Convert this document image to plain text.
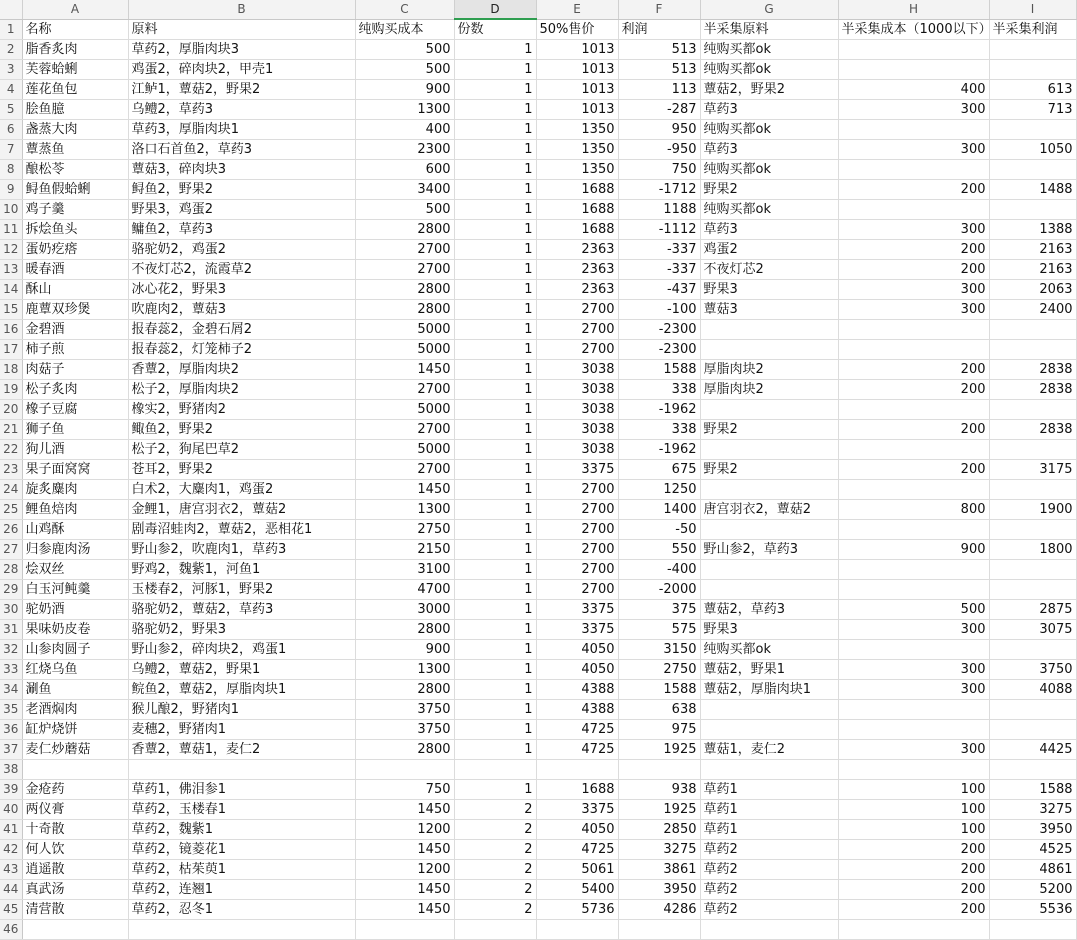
	A	B	C	D	E	F	G	H	I
1	名称	原料	纯购买成本	份数	50%售价	利润	半采集原料	半采集成本（1000以下）	半采集利润
2	脂香炙肉	草药2，厚脂肉块3	500	1	1013	513	纯购买都ok		
3	芙蓉蛤蜊	鸡蛋2，碎肉块2，甲壳1	500	1	1013	513	纯购买都ok		
4	莲花鱼包	江鲈1，蕈菇2，野果2	900	1	1013	113	蕈菇2，野果2	400	613
5	脍鱼臆	乌鳢2，草药3	1300	1	1013	-287	草药3	300	713
6	盏蒸大肉	草药3，厚脂肉块1	400	1	1350	950	纯购买都ok		
7	蕈蒸鱼	洛口石首鱼2，草药3	2300	1	1350	-950	草药3	300	1050
8	酿松苓	蕈菇3，碎肉块3	600	1	1350	750	纯购买都ok		
9	鲟鱼假蛤蜊	鲟鱼2，野果2	3400	1	1688	-1712	野果2	200	1488
10	鸡子羹	野果3，鸡蛋2	500	1	1688	1188	纯购买都ok		
11	拆烩鱼头	鳙鱼2，草药3	2800	1	1688	-1112	草药3	300	1388
12	蛋奶疙瘩	骆驼奶2，鸡蛋2	2700	1	2363	-337	鸡蛋2	200	2163
13	暖春酒	不夜灯芯2，流霞草2	2700	1	2363	-337	不夜灯芯2	200	2163
14	酥山	冰心花2，野果3	2800	1	2363	-437	野果3	300	2063
15	鹿蕈双珍煲	吹鹿肉2，蕈菇3	2800	1	2700	-100	蕈菇3	300	2400
16	金碧酒	报春蕊2，金碧石屑2	5000	1	2700	-2300			
17	柿子煎	报春蕊2，灯笼柿子2	5000	1	2700	-2300			
18	肉菇子	香蕈2，厚脂肉块2	1450	1	3038	1588	厚脂肉块2	200	2838
19	松子炙肉	松子2，厚脂肉块2	2700	1	3038	338	厚脂肉块2	200	2838
20	橡子豆腐	橡实2，野猪肉2	5000	1	3038	-1962			
21	狮子鱼	鲰鱼2，野果2	2700	1	3038	338	野果2	200	2838
22	狗儿酒	松子2，狗尾巴草2	5000	1	3038	-1962			
23	果子面窝窝	苍耳2，野果2	2700	1	3375	675	野果2	200	3175
24	旋炙麋肉	白术2，大麋肉1，鸡蛋2	1450	1	2700	1250			
25	鲤鱼焙肉	金鲤1，唐宫羽衣2，蕈菇2	1300	1	2700	1400	唐宫羽衣2，蕈菇2	800	1900
26	山鸡酥	剧毒沼蛙肉2，蕈菇2，恶相花1	2750	1	2700	-50			
27	归参鹿肉汤	野山参2，吹鹿肉1，草药3	2150	1	2700	550	野山参2，草药3	900	1800
28	烩双丝	野鸡2，魏紫1，河鱼1	3100	1	2700	-400			
29	白玉河鲀羹	玉楼春2，河豚1，野果2	4700	1	2700	-2000			
30	驼奶酒	骆驼奶2，蕈菇2，草药3	3000	1	3375	375	蕈菇2，草药3	500	2875
31	果味奶皮卷	骆驼奶2，野果3	2800	1	3375	575	野果3	300	3075
32	山参肉圆子	野山参2，碎肉块2，鸡蛋1	900	1	4050	3150	纯购买都ok		
33	红烧乌鱼	乌鳢2，蕈菇2，野果1	1300	1	4050	2750	蕈菇2，野果1	300	3750
34	涮鱼	鲩鱼2，蕈菇2，厚脂肉块1	2800	1	4388	1588	蕈菇2，厚脂肉块1	300	4088
35	老酒焖肉	猴儿酿2，野猪肉1	3750	1	4388	638			
36	缸炉烧饼	麦穗2，野猪肉1	3750	1	4725	975			
37	麦仁炒蘑菇	香蕈2，蕈菇1，麦仁2	2800	1	4725	1925	蕈菇1，麦仁2	300	4425
38									
39	金疮药	草药1，佛泪参1	750	1	1688	938	草药1	100	1588
40	两仪膏	草药2，玉楼春1	1450	2	3375	1925	草药1	100	3275
41	十奇散	草药2，魏紫1	1200	2	4050	2850	草药1	100	3950
42	何人饮	草药2，镜菱花1	1450	2	4725	3275	草药2	200	4525
43	逍遥散	草药2，枯茱萸1	1200	2	5061	3861	草药2	200	4861
44	真武汤	草药2，连翘1	1450	2	5400	3950	草药2	200	5200
45	清营散	草药2，忍冬1	1450	2	5736	4286	草药2	200	5536
46									
